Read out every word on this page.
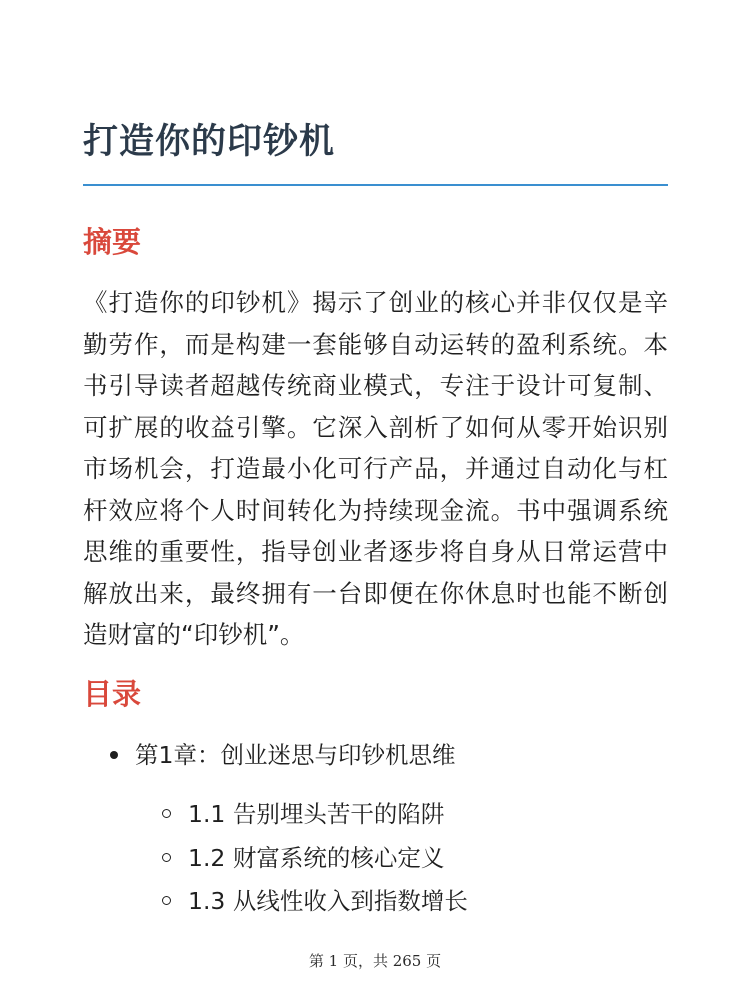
打造你的印钞机
摘要

《打造你的印钞机》揭示了创业的核心并非仅仅是辛勤劳作，而是构建一套能够自动运转的盈利系统。本书引导读者超越传统商业模式，专注于设计可复制、可扩展的收益引擎。它深入剖析了如何从零开始识别市场机会，打造最小化可行产品，并通过自动化与杠杆效应将个人时间转化为持续现金流。书中强调系统思维的重要性，指导创业者逐步将自身从日常运营中解放出来，最终拥有一台即便在你休息时也能不断创造财富的“印钞机”。

目录
第1章：创业迷思与印钞机思维
1.1 告别埋头苦干的陷阱
1.2 财富系统的核心定义
1.3 从线性收入到指数增长
第 1 页，共 265 页
